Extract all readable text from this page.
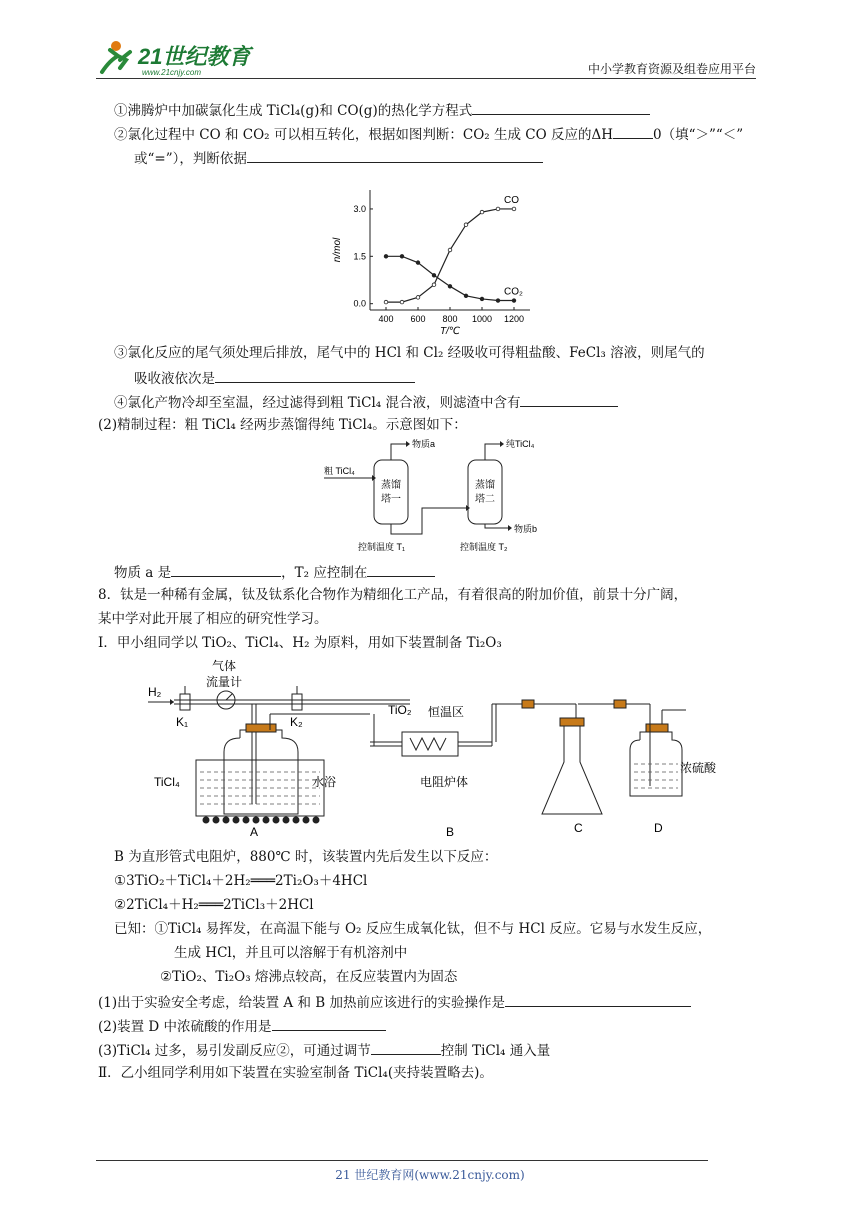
21世纪教育
www.21cnjy.com	中小学教育资源及组卷应用平台
①沸腾炉中加碳氯化生成 TiCl₄(g)和 CO(g)的热化学方程式
②氯化过程中 CO 和 CO₂ 可以相互转化，根据如图判断：CO₂ 生成 CO 反应的ΔH	0（填“＞”“＜”
或“=”），判断依据
400 600 800 1000 1200
0.0
1.5
3.0
T/℃
n/mol
CO
CO₂
③氯化反应的尾气须处理后排放，尾气中的 HCl 和 Cl₂ 经吸收可得粗盐酸、FeCl₃ 溶液，则尾气的
吸收液依次是
④氯化产物冷却至室温，经过滤得到粗 TiCl₄ 混合液，则滤渣中含有
(2)精制过程：粗 TiCl₄ 经两步蒸馏得纯 TiCl₄。示意图如下：
粗 TiCl₄
蒸馏
塔一
蒸馏
塔二
物质a	纯TiCl₄
物质b
控制温度 T₁	控制温度 T₂
物质 a 是	，T₂ 应控制在
8．钛是一种稀有金属，钛及钛系化合物作为精细化工产品，有着很高的附加价值，前景十分广阔，
某中学对此开展了相应的研究性学习。
Ⅰ．甲小组同学以 TiO₂、TiCl₄、H₂ 为原料，用如下装置制备 Ti₂O₃
H₂
气体
流量计
K₁	K₂
TiO₂ 恒温区
TiCl₄	水浴	电阻炉体
浓硫酸
A	B	C	D
B 为直形管式电阻炉，880℃ 时，该装置内先后发生以下反应：
①3TiO₂＋TiCl₄＋2H₂═══2Ti₂O₃＋4HCl
②2TiCl₄＋H₂═══2TiCl₃＋2HCl
已知：①TiCl₄ 易挥发，在高温下能与 O₂ 反应生成氧化钛，但不与 HCl 反应。它易与水发生反应，
生成 HCl，并且可以溶解于有机溶剂中
②TiO₂、Ti₂O₃ 熔沸点较高，在反应装置内为固态
(1)出于实验安全考虑，给装置 A 和 B 加热前应该进行的实验操作是
(2)装置 D 中浓硫酸的作用是
(3)TiCl₄ 过多，易引发副反应②，可通过调节	控制 TiCl₄ 通入量
Ⅱ．乙小组同学利用如下装置在实验室制备 TiCl₄(夹持装置略去)。
21 世纪教育网(www.21cnjy.com)
